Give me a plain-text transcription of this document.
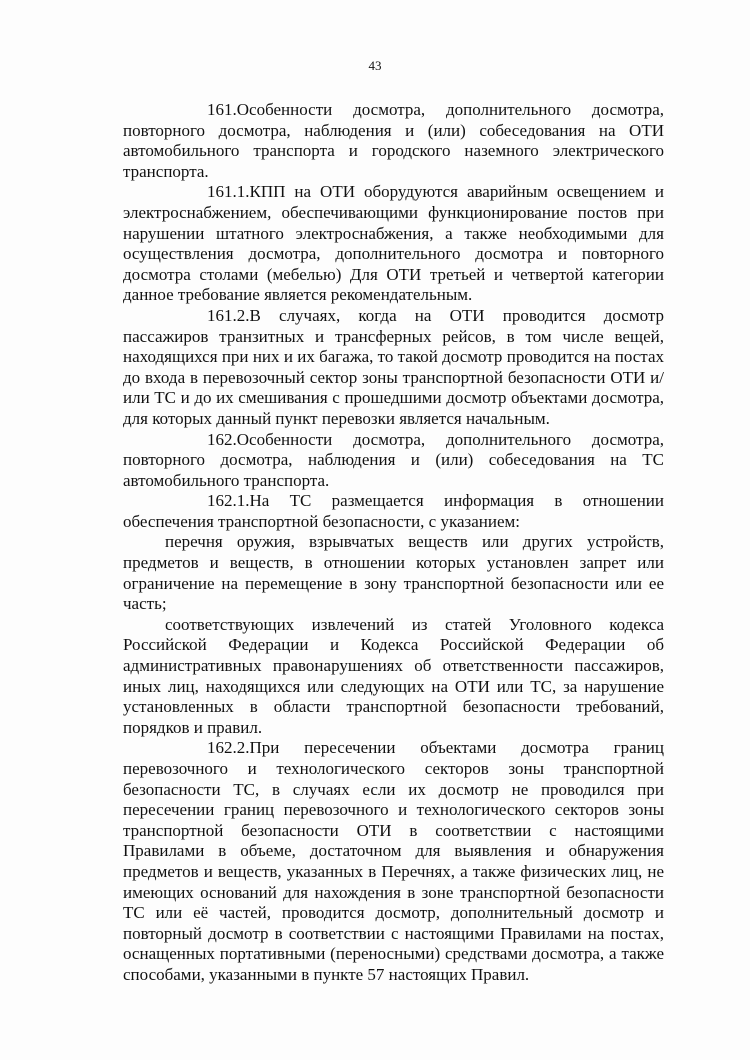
43

161.Особенности досмотра, дополнительного досмотра, повторного досмотра, наблюдения и (или) собеседования на ОТИ автомобильного транспорта и городского наземного электрического транспорта.

161.1.КПП на ОТИ оборудуются аварийным освещением и электроснабжением, обеспечивающими функционирование постов при нарушении штатного электроснабжения, а также необходимыми для осуществления досмотра, дополнительного досмотра и повторного досмотра столами (мебелью) Для ОТИ третьей и четвертой категории данное требование является рекомендательным.

161.2.В случаях, когда на ОТИ проводится досмотр пассажиров транзитных и трансферных рейсов, в том числе вещей, находящихся при них и их багажа, то такой досмотр проводится на постах до входа в перевозочный сектор зоны транспортной безопасности ОТИ и/или ТС и до их смешивания с прошедшими досмотр объектами досмотра, для которых данный пункт перевозки является начальным.

162.Особенности досмотра, дополнительного досмотра, повторного досмотра, наблюдения и (или) собеседования на ТС автомобильного транспорта.

162.1.На ТС размещается информация в отношении обеспечения транспортной безопасности, с указанием:

перечня оружия, взрывчатых веществ или других устройств, предметов и веществ, в отношении которых установлен запрет или ограничение на перемещение в зону транспортной безопасности или ее часть;

соответствующих извлечений из статей Уголовного кодекса Российской Федерации и Кодекса Российской Федерации об административных правонарушениях об ответственности пассажиров, иных лиц, находящихся или следующих на ОТИ или ТС, за нарушение установленных в области транспортной безопасности требований, порядков и правил.

162.2.При пересечении объектами досмотра границ перевозочного и технологического секторов зоны транспортной безопасности ТС, в случаях если их досмотр не проводился при пересечении границ перевозочного и технологического секторов зоны транспортной безопасности ОТИ в соответствии с настоящими Правилами в объеме, достаточном для выявления и обнаружения предметов и веществ, указанных в Перечнях, а также физических лиц, не имеющих оснований для нахождения в зоне транспортной безопасности ТС или её частей, проводится досмотр, дополнительный досмотр и повторный досмотр в соответствии с настоящими Правилами на постах, оснащенных портативными (переносными) средствами досмотра, а также способами, указанными в пункте 57 настоящих Правил.
